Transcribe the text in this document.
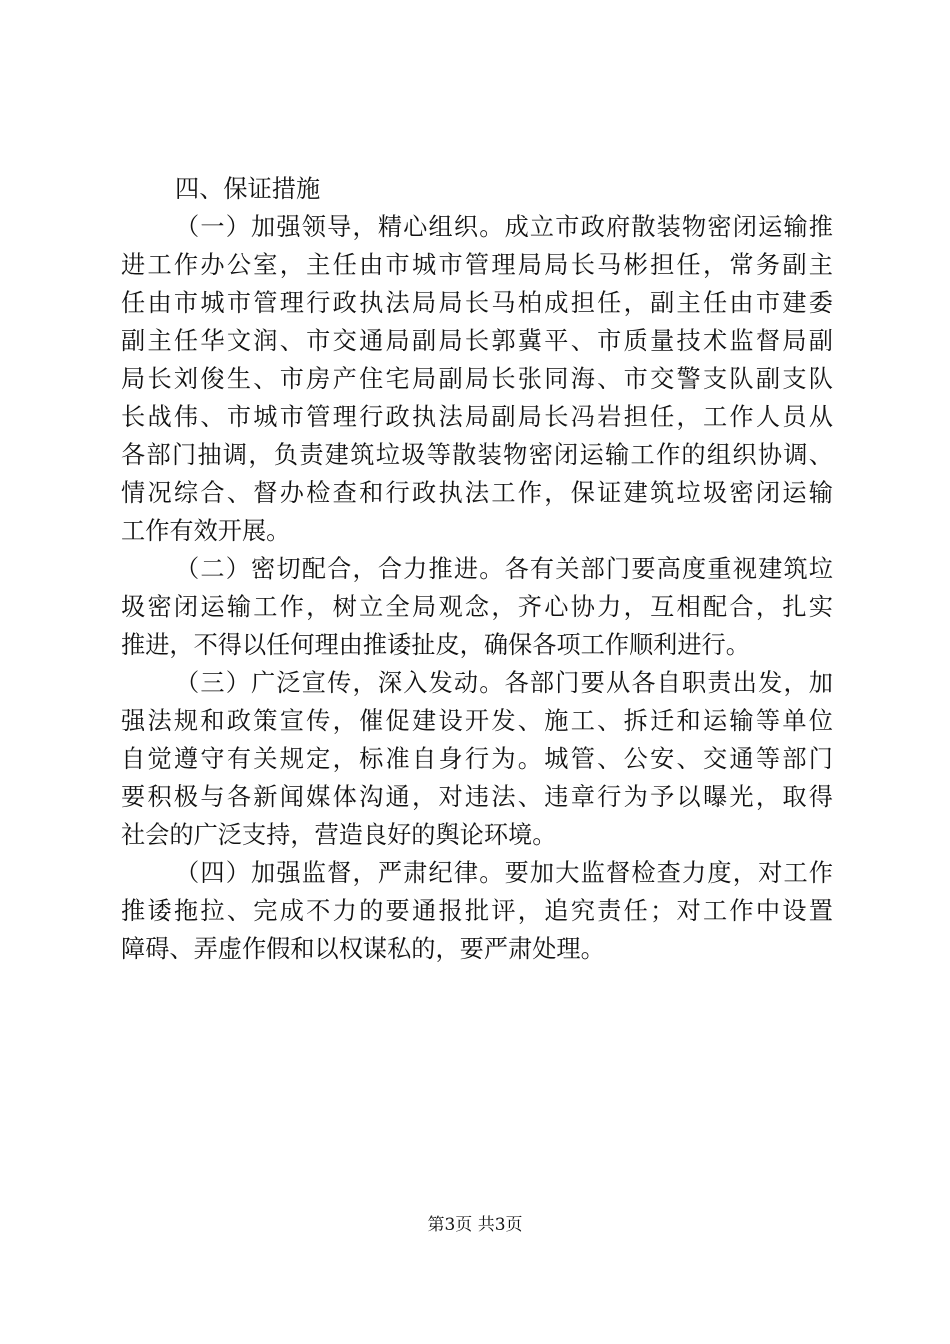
四、保证措施
（一）加强领导，精心组织。成立市政府散装物密闭运输推
进工作办公室，主任由市城市管理局局长马彬担任，常务副主
任由市城市管理行政执法局局长马柏成担任，副主任由市建委
副主任华文润、市交通局副局长郭冀平、市质量技术监督局副
局长刘俊生、市房产住宅局副局长张同海、市交警支队副支队
长战伟、市城市管理行政执法局副局长冯岩担任，工作人员从
各部门抽调，负责建筑垃圾等散装物密闭运输工作的组织协调、
情况综合、督办检查和行政执法工作，保证建筑垃圾密闭运输
工作有效开展。
（二）密切配合，合力推进。各有关部门要高度重视建筑垃
圾密闭运输工作，树立全局观念，齐心协力，互相配合，扎实
推进，不得以任何理由推诿扯皮，确保各项工作顺利进行。
（三）广泛宣传，深入发动。各部门要从各自职责出发，加
强法规和政策宣传，催促建设开发、施工、拆迁和运输等单位
自觉遵守有关规定，标准自身行为。城管、公安、交通等部门
要积极与各新闻媒体沟通，对违法、违章行为予以曝光，取得
社会的广泛支持，营造良好的舆论环境。
（四）加强监督，严肃纪律。要加大监督检查力度，对工作
推诿拖拉、完成不力的要通报批评，追究责任；对工作中设置
障碍、弄虚作假和以权谋私的，要严肃处理。
第3页 共3页
